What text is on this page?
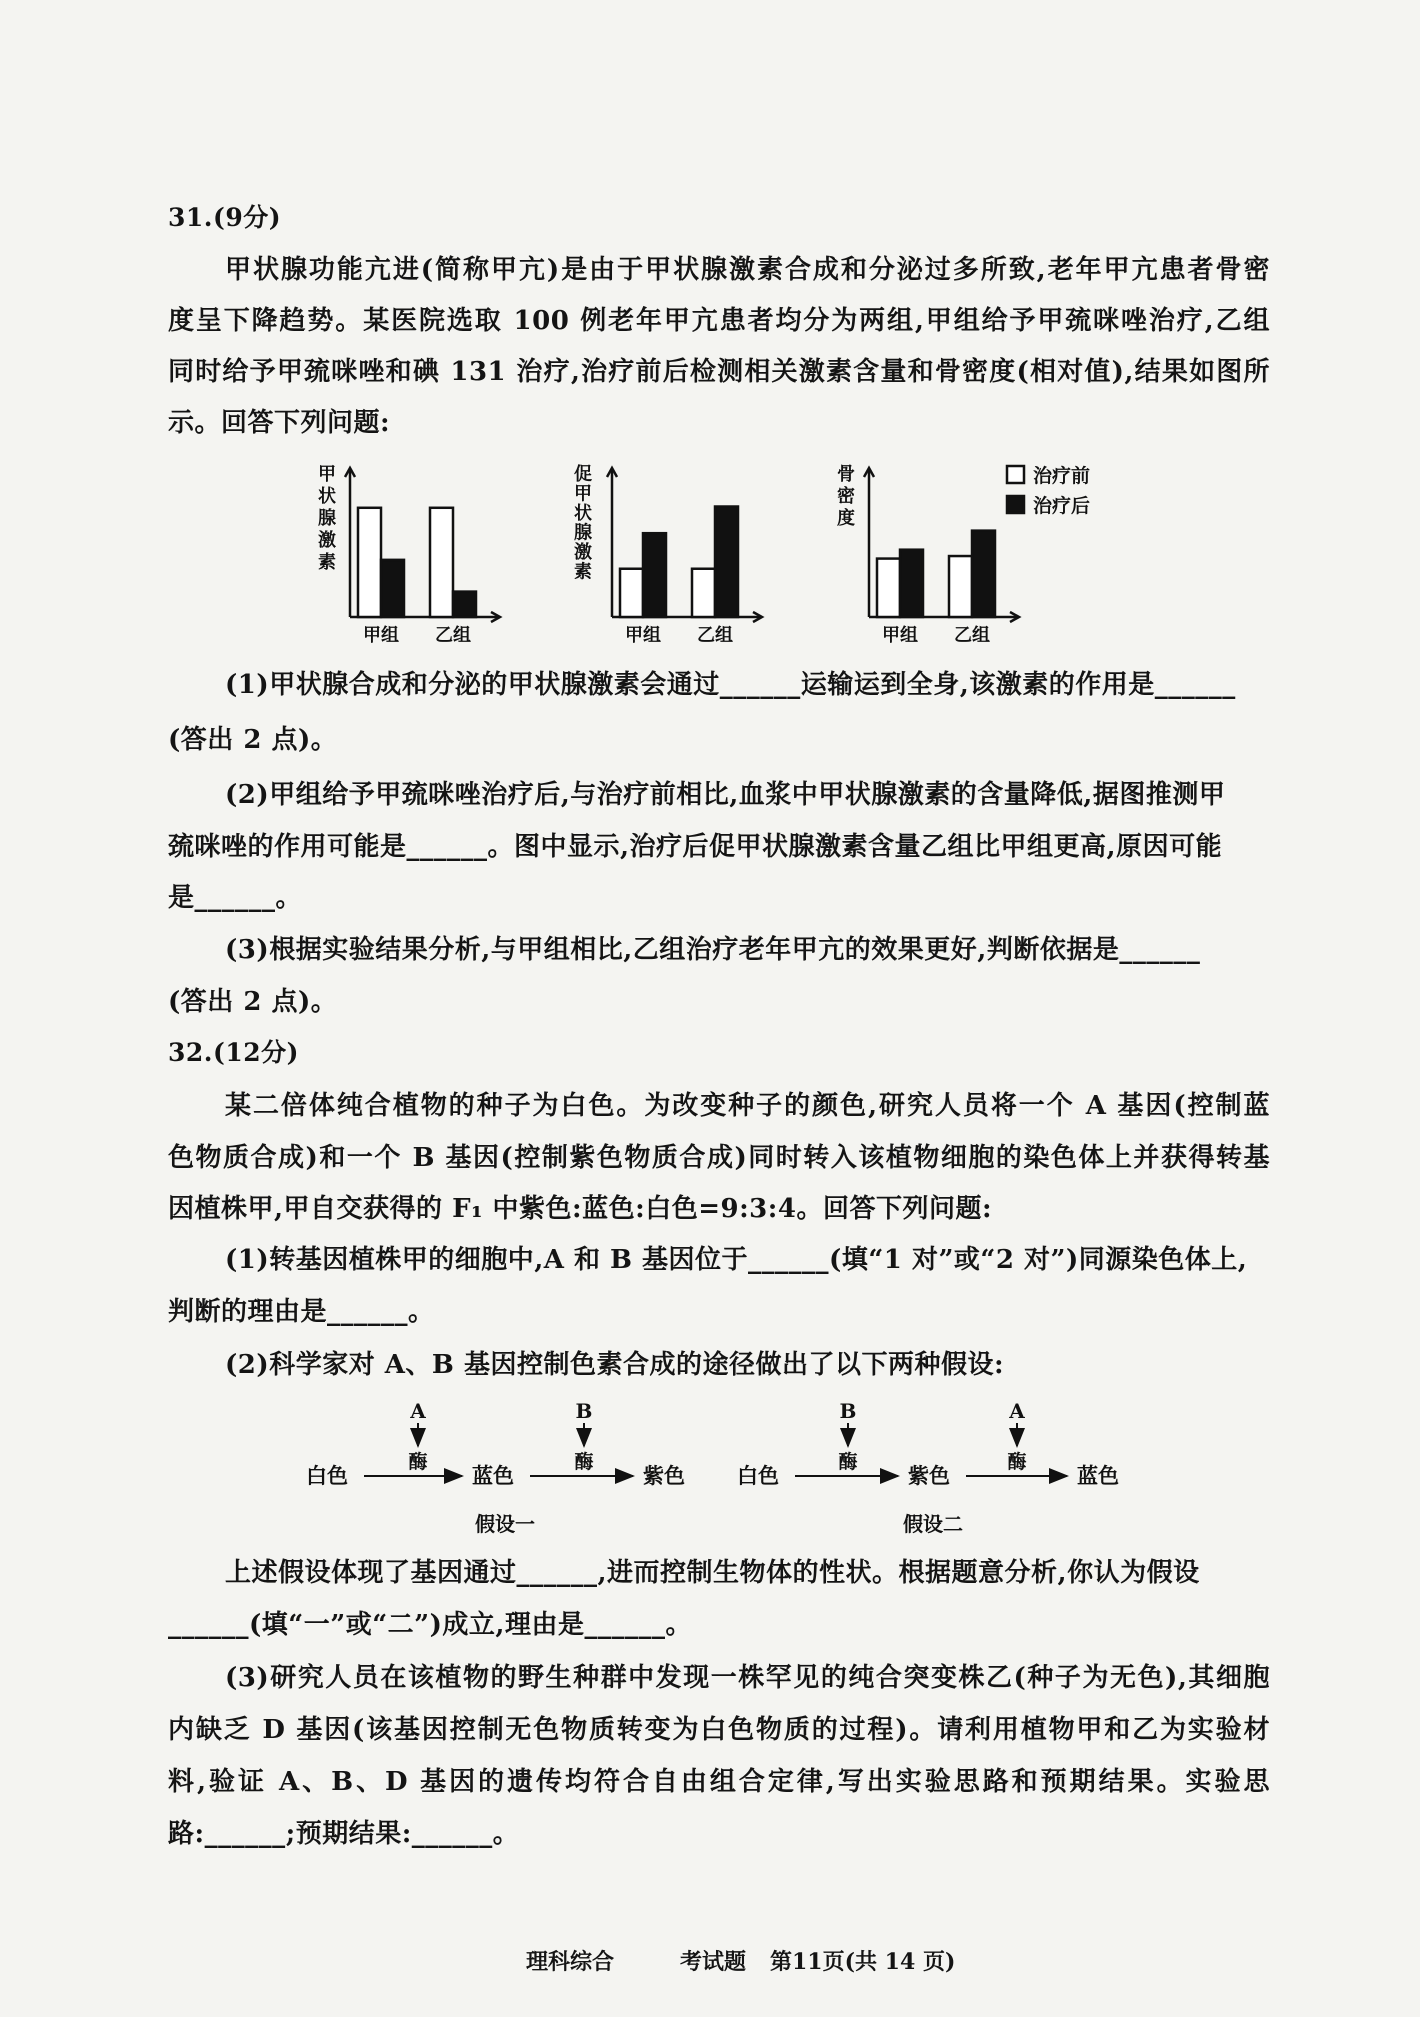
31.(9分)
甲状腺功能亢进(简称甲亢)是由于甲状腺激素合成和分泌过多所致,老年甲亢患者骨密
度呈下降趋势。某医院选取 100 例老年甲亢患者均分为两组,甲组给予甲巯咪唑治疗,乙组
同时给予甲巯咪唑和碘 131 治疗,治疗前后检测相关激素含量和骨密度(相对值),结果如图所
示。回答下列问题:
甲
状
腺
激
素
甲组 乙组
促
甲
状
腺
激
素
甲组 乙组
骨
密
度
甲组 乙组
治疗前
治疗后
(1)甲状腺合成和分泌的甲状腺激素会通过______运输运到全身,该激素的作用是______
(答出 2 点)。
(2)甲组给予甲巯咪唑治疗后,与治疗前相比,血浆中甲状腺激素的含量降低,据图推测甲
巯咪唑的作用可能是______。图中显示,治疗后促甲状腺激素含量乙组比甲组更高,原因可能
是______。
(3)根据实验结果分析,与甲组相比,乙组治疗老年甲亢的效果更好,判断依据是______
(答出 2 点)。
32.(12分)
某二倍体纯合植物的种子为白色。为改变种子的颜色,研究人员将一个 A 基因(控制蓝
色物质合成)和一个 B 基因(控制紫色物质合成)同时转入该植物细胞的染色体上并获得转基
因植株甲,甲自交获得的 F₁ 中紫色:蓝色:白色=9:3:4。回答下列问题:
(1)转基因植株甲的细胞中,A 和 B 基因位于______(填“1 对”或“2 对”)同源染色体上,
判断的理由是______。
(2)科学家对 A、B 基因控制色素合成的途径做出了以下两种假设:
A
酶
B
酶
白色	蓝色	紫色
假设一
B
酶
A
酶
白色	紫色	蓝色
假设二
上述假设体现了基因通过______,进而控制生物体的性状。根据题意分析,你认为假设
______(填“一”或“二”)成立,理由是______。
(3)研究人员在该植物的野生种群中发现一株罕见的纯合突变株乙(种子为无色),其细胞
内缺乏 D 基因(该基因控制无色物质转变为白色物质的过程)。请利用植物甲和乙为实验材
料,验证 A、B、D 基因的遗传均符合自由组合定律,写出实验思路和预期结果。实验思
路:______;预期结果:______。
理科综合	考试题 第11页(共 14 页)
